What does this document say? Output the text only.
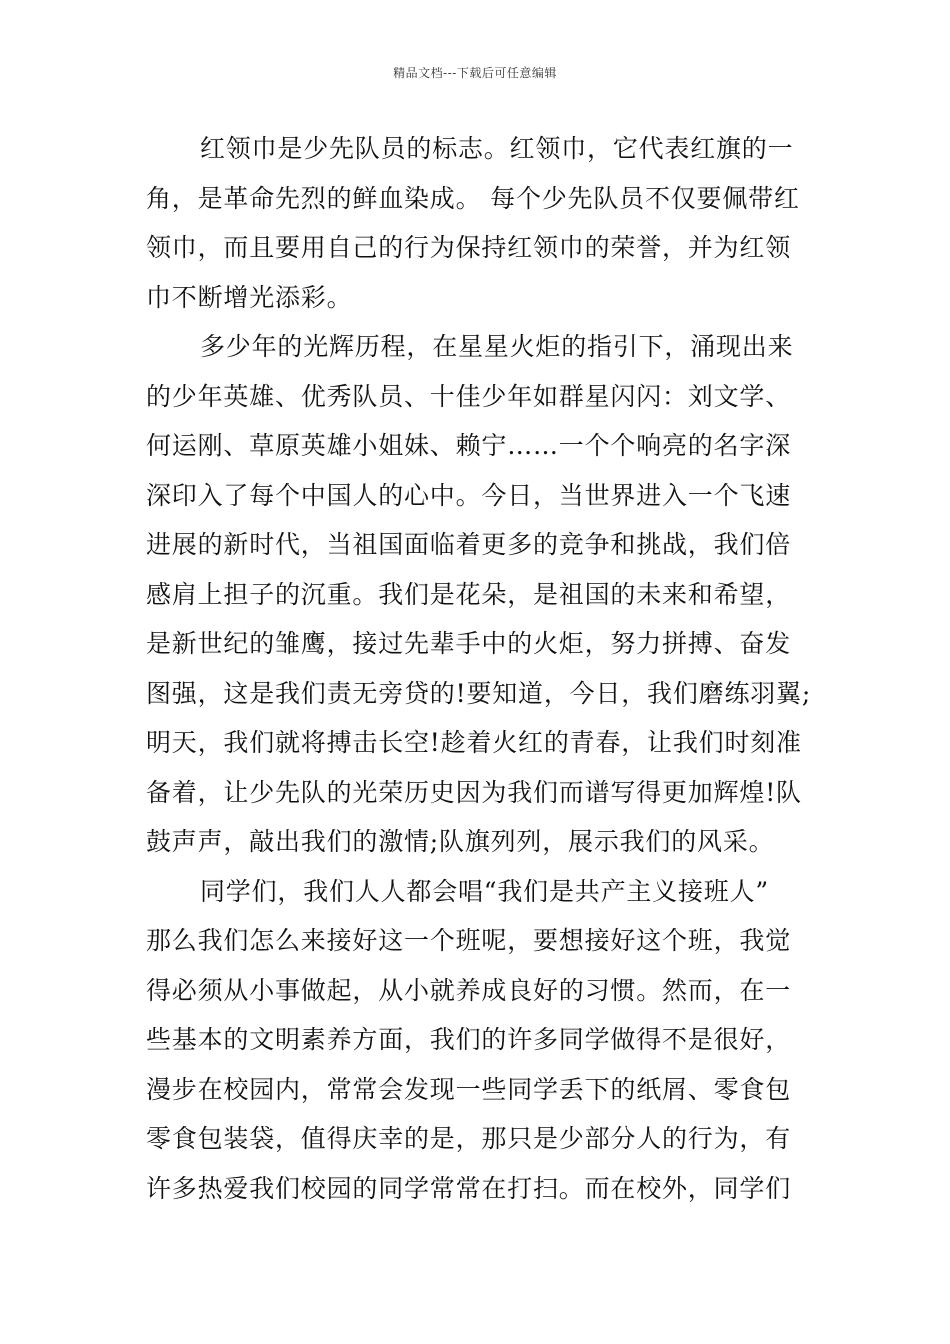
精品文档---下载后可任意编辑
红领巾是少先队员的标志。红领巾，它代表红旗的一
角，是革命先烈的鲜血染成。 每个少先队员不仅要佩带红
领巾，而且要用自己的行为保持红领巾的荣誉，并为红领
巾不断增光添彩。
多少年的光辉历程，在星星火炬的指引下，涌现出来
的少年英雄、优秀队员、十佳少年如群星闪闪：刘文学、
何运刚、草原英雄小姐妹、赖宁……一个个响亮的名字深
深印入了每个中国人的心中。今日，当世界进入一个飞速
进展的新时代，当祖国面临着更多的竞争和挑战，我们倍
感肩上担子的沉重。我们是花朵，是祖国的未来和希望，
是新世纪的雏鹰，接过先辈手中的火炬，努力拼搏、奋发
图强，这是我们责无旁贷的!要知道，今日，我们磨练羽翼;
明天，我们就将搏击长空!趁着火红的青春，让我们时刻准
备着，让少先队的光荣历史因为我们而谱写得更加辉煌!队
鼓声声，敲出我们的激情;队旗列列，展示我们的风采。
同学们，我们人人都会唱“我们是共产主义接班人”
那么我们怎么来接好这一个班呢，要想接好这个班，我觉
得必须从小事做起，从小就养成良好的习惯。然而，在一
些基本的文明素养方面，我们的许多同学做得不是很好，
漫步在校园内，常常会发现一些同学丢下的纸屑、零食包
零食包装袋，值得庆幸的是，那只是少部分人的行为，有
许多热爱我们校园的同学常常在打扫。而在校外，同学们
